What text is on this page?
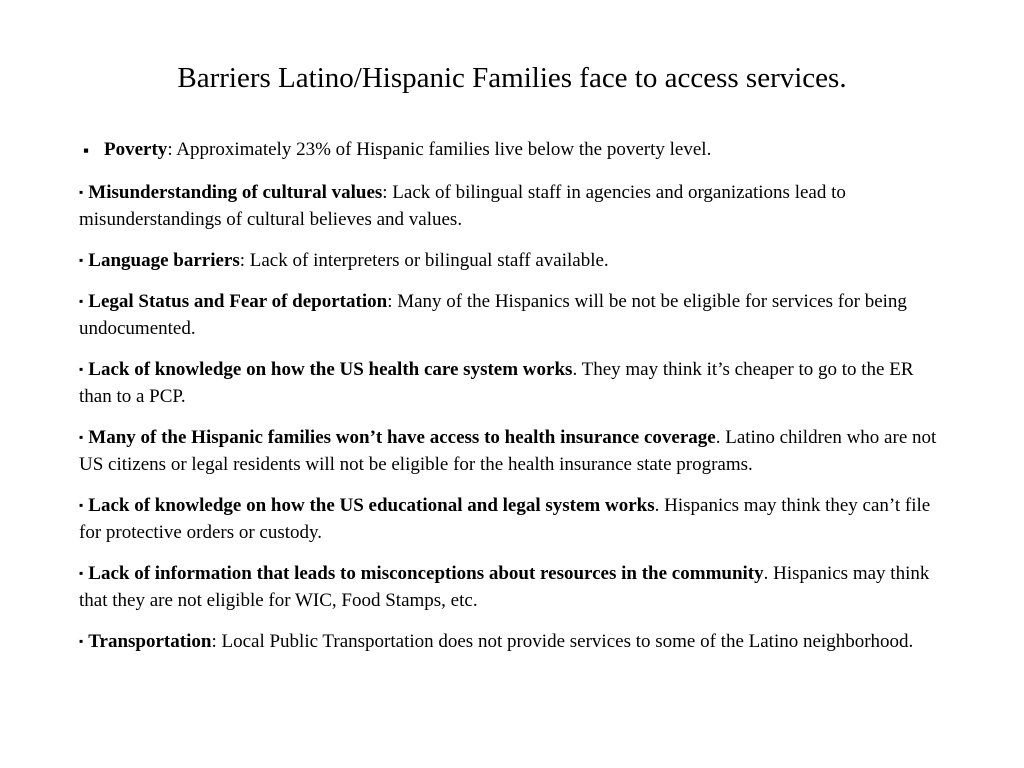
Barriers Latino/Hispanic Families face to access services.
▪ Poverty: Approximately 23% of Hispanic families live below the poverty level.
▪ Misunderstanding of cultural values: Lack of bilingual staff in agencies and organizations lead to misunderstandings of cultural believes and values.
▪ Language barriers: Lack of interpreters or bilingual staff available.
▪ Legal Status and Fear of deportation: Many of the Hispanics will be not be eligible for services for being undocumented.
▪ Lack of knowledge on how the US health care system works. They may think it’s cheaper to go to the ER than to a PCP.
▪ Many of the Hispanic families won’t have access to health insurance coverage. Latino children who are not US citizens or legal residents will not be eligible for the health insurance state programs.
▪ Lack of knowledge on how the US educational and legal system works. Hispanics may think they can’t file for protective orders or custody.
▪ Lack of information that leads to misconceptions about resources in the community. Hispanics may think that they are not eligible for WIC, Food Stamps, etc.
▪ Transportation: Local Public Transportation does not provide services to some of the Latino neighborhood.
